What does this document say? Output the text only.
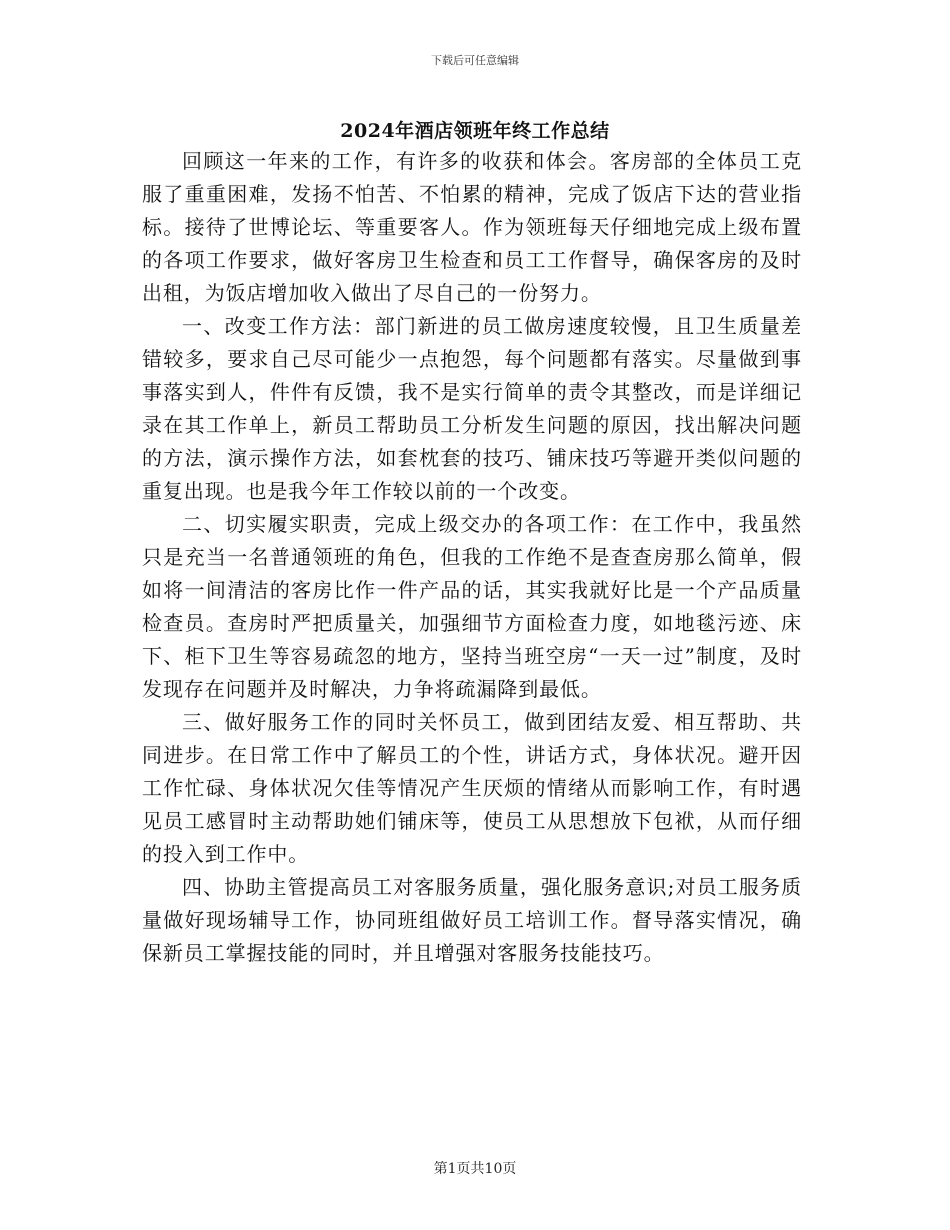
下载后可任意编辑
2024年酒店领班年终工作总结

回顾这一年来的工作，有许多的收获和体会。客房部的全体员工克服了重重困难，发扬不怕苦、不怕累的精神，完成了饭店下达的营业指标。接待了世博论坛、等重要客人。作为领班每天仔细地完成上级布置的各项工作要求，做好客房卫生检查和员工工作督导，确保客房的及时出租，为饭店增加收入做出了尽自己的一份努力。

一、改变工作方法：部门新进的员工做房速度较慢，且卫生质量差错较多，要求自己尽可能少一点抱怨，每个问题都有落实。尽量做到事事落实到人，件件有反馈，我不是实行简单的责令其整改，而是详细记录在其工作单上，新员工帮助员工分析发生问题的原因，找出解决问题的方法，演示操作方法，如套枕套的技巧、铺床技巧等避开类似问题的重复出现。也是我今年工作较以前的一个改变。

二、切实履实职责，完成上级交办的各项工作：在工作中，我虽然只是充当一名普通领班的角色，但我的工作绝不是查查房那么简单，假如将一间清洁的客房比作一件产品的话，其实我就好比是一个产品质量检查员。查房时严把质量关，加强细节方面检查力度，如地毯污迹、床下、柜下卫生等容易疏忽的地方，坚持当班空房“一天一过”制度，及时发现存在问题并及时解决，力争将疏漏降到最低。

三、做好服务工作的同时关怀员工，做到团结友爱、相互帮助、共同进步。在日常工作中了解员工的个性，讲话方式，身体状况。避开因工作忙碌、身体状况欠佳等情况产生厌烦的情绪从而影响工作，有时遇见员工感冒时主动帮助她们铺床等，使员工从思想放下包袱，从而仔细的投入到工作中。

四、协助主管提高员工对客服务质量，强化服务意识;对员工服务质量做好现场辅导工作，协同班组做好员工培训工作。督导落实情况，确保新员工掌握技能的同时，并且增强对客服务技能技巧。

第1页共10页
